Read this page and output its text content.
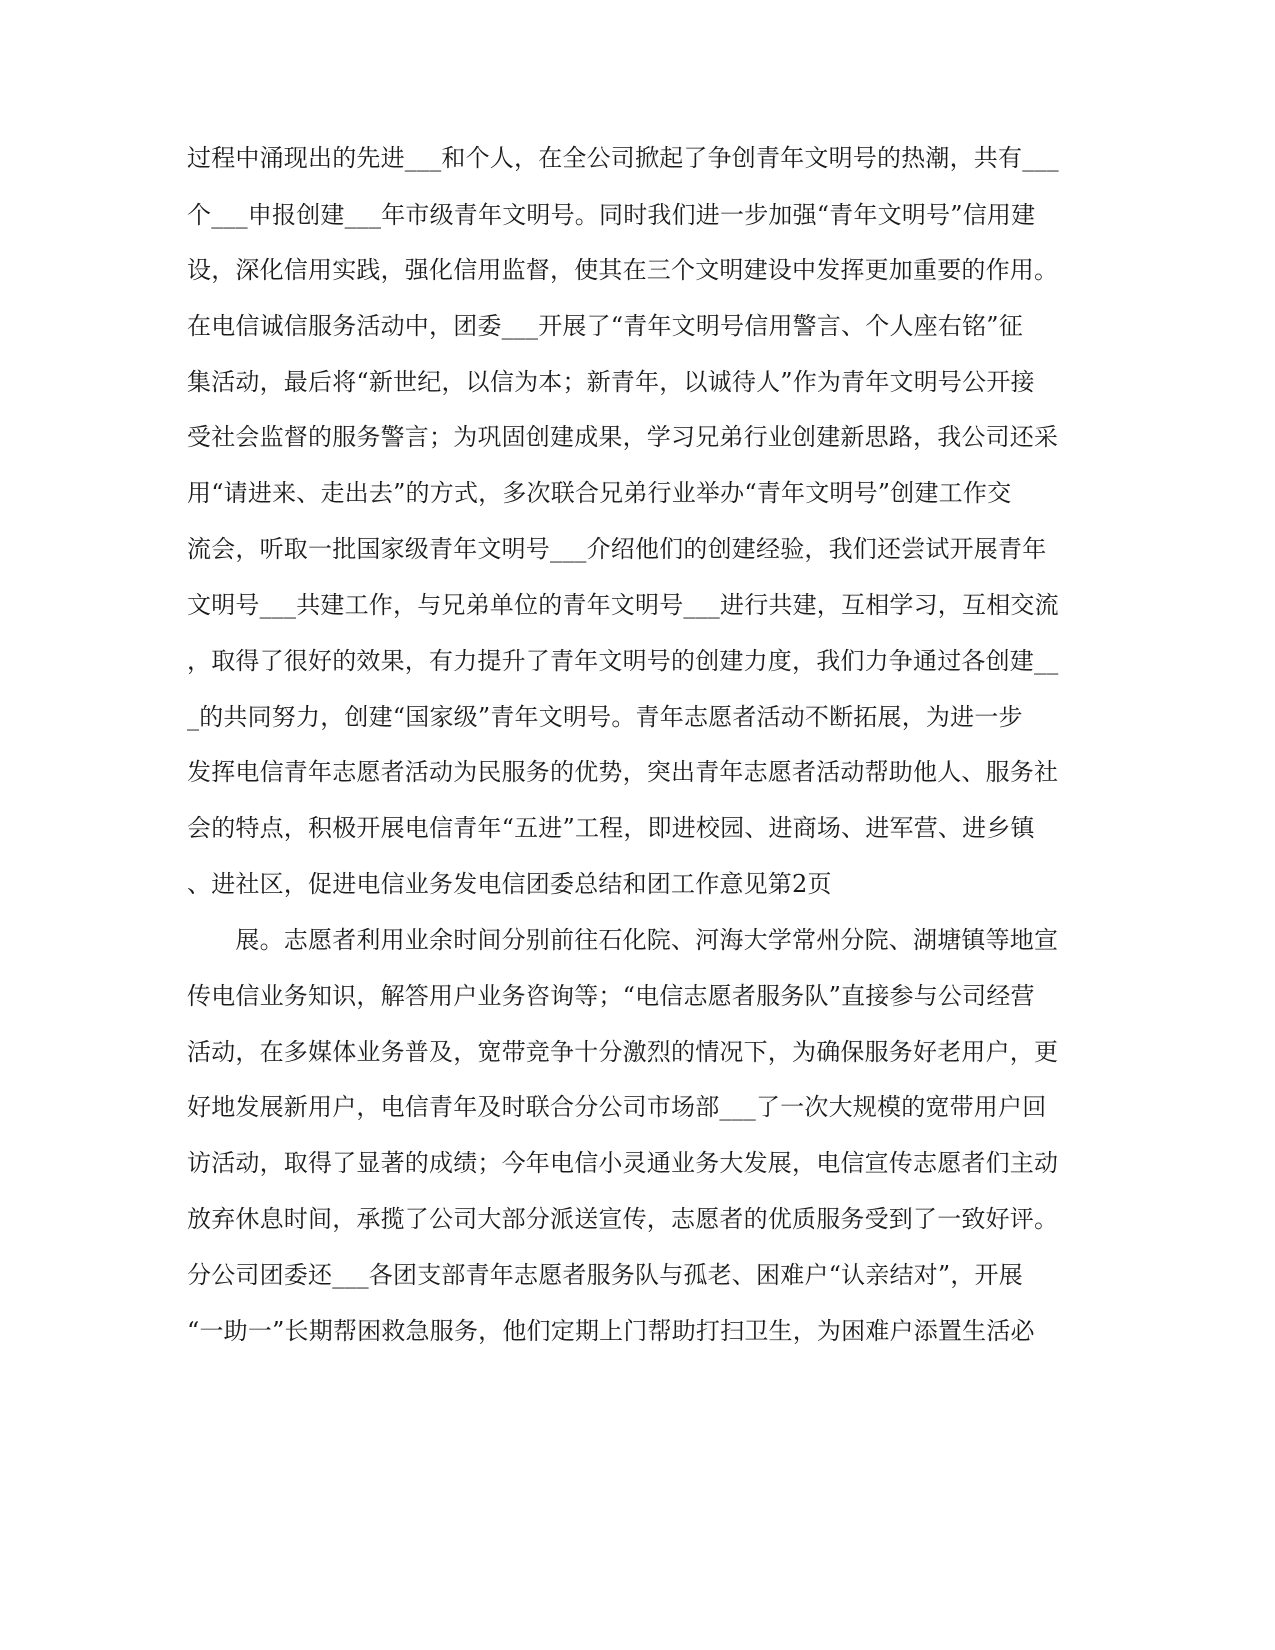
过程中涌现出的先进___和个人，在全公司掀起了争创青年文明号的热潮，共有___
个___申报创建___年市级青年文明号。同时我们进一步加强“青年文明号”信用建
设，深化信用实践，强化信用监督，使其在三个文明建设中发挥更加重要的作用。
在电信诚信服务活动中，团委___开展了“青年文明号信用警言、个人座右铭”征
集活动，最后将“新世纪，以信为本；新青年，以诚待人”作为青年文明号公开接
受社会监督的服务警言；为巩固创建成果，学习兄弟行业创建新思路，我公司还采
用“请进来、走出去”的方式，多次联合兄弟行业举办“青年文明号”创建工作交
流会，听取一批国家级青年文明号___介绍他们的创建经验，我们还尝试开展青年
文明号___共建工作，与兄弟单位的青年文明号___进行共建，互相学习，互相交流
，取得了很好的效果，有力提升了青年文明号的创建力度，我们力争通过各创建__
_的共同努力，创建“国家级”青年文明号。青年志愿者活动不断拓展，为进一步
发挥电信青年志愿者活动为民服务的优势，突出青年志愿者活动帮助他人、服务社
会的特点，积极开展电信青年“五进”工程，即进校园、进商场、进军营、进乡镇
、进社区，促进电信业务发电信团委总结和团工作意见第2页
　　展。志愿者利用业余时间分别前往石化院、河海大学常州分院、湖塘镇等地宣
传电信业务知识，解答用户业务咨询等；“电信志愿者服务队”直接参与公司经营
活动，在多媒体业务普及，宽带竞争十分激烈的情况下，为确保服务好老用户，更
好地发展新用户，电信青年及时联合分公司市场部___了一次大规模的宽带用户回
访活动，取得了显著的成绩；今年电信小灵通业务大发展，电信宣传志愿者们主动
放弃休息时间，承揽了公司大部分派送宣传，志愿者的优质服务受到了一致好评。
分公司团委还___各团支部青年志愿者服务队与孤老、困难户“认亲结对”，开展
“一助一”长期帮困救急服务，他们定期上门帮助打扫卫生，为困难户添置生活必
